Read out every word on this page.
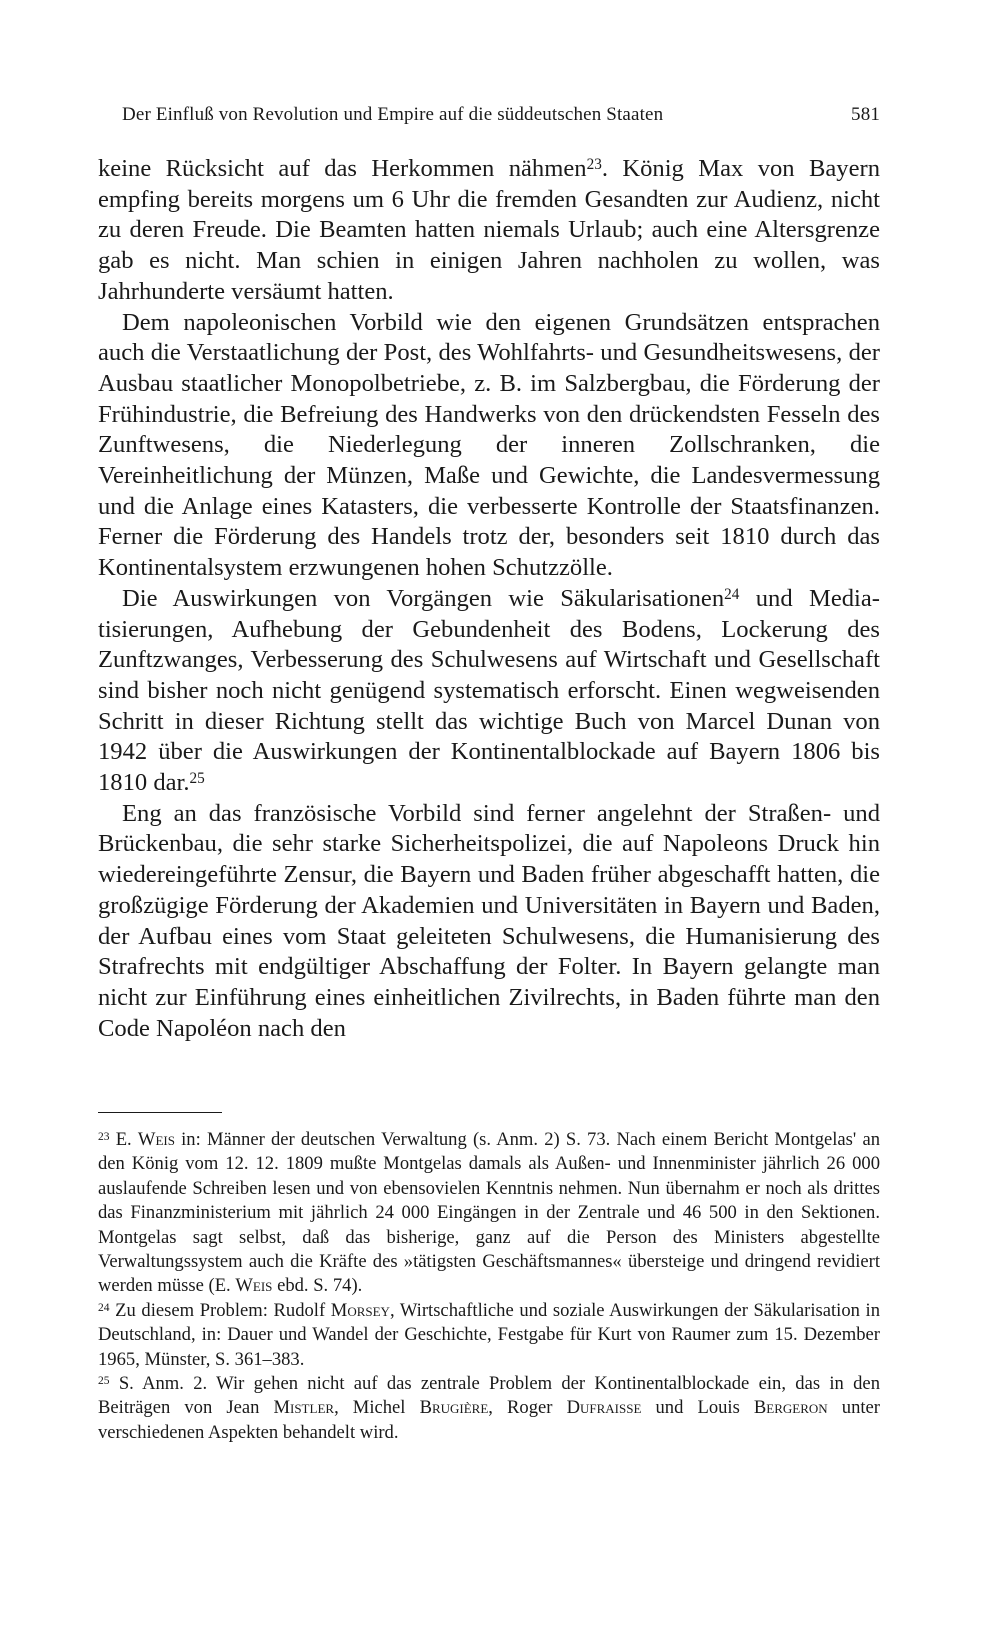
Der Einfluß von Revolution und Empire auf die süddeutschen Staaten	581

keine Rücksicht auf das Herkommen nähmen$^{23}$. König Max von Bayern empfing bereits morgens um 6 Uhr die fremden Gesandten zur Audienz, nicht zu deren Freude. Die Beamten hatten niemals Urlaub; auch eine Altersgrenze gab es nicht. Man schien in einigen Jahren nachholen zu wollen, was Jahrhunderte versäumt hatten.

Dem napoleonischen Vorbild wie den eigenen Grundsätzen entsprachen auch die Verstaatlichung der Post, des Wohlfahrts- und Gesundheitswesens, der Ausbau staatlicher Monopolbetriebe, z. B. im Salzbergbau, die Förderung der Frühindustrie, die Befreiung des Handwerks von den drückendsten Fesseln des Zunftwesens, die Niederlegung der inneren Zollschranken, die Vereinheitlichung der Münzen, Maße und Gewichte, die Landesvermessung und die Anlage eines Katasters, die verbesserte Kontrolle der Staatsfinanzen. Ferner die Förderung des Handels trotz der, besonders seit 1810 durch das Kontinentalsystem erzwungenen hohen Schutzzölle.

Die Auswirkungen von Vorgängen wie Säkularisationen$^{24}$ und Mediatisierungen, Aufhebung der Gebundenheit des Bodens, Lockerung des Zunftzwanges, Verbesserung des Schulwesens auf Wirtschaft und Gesellschaft sind bisher noch nicht genügend systematisch erforscht. Einen wegweisenden Schritt in dieser Richtung stellt das wichtige Buch von Marcel Dunan von 1942 über die Auswirkungen der Kontinentalblockade auf Bayern 1806 bis 1810 dar.$^{25}$

Eng an das französische Vorbild sind ferner angelehnt der Straßen- und Brückenbau, die sehr starke Sicherheitspolizei, die auf Napoleons Druck hin wiedereingeführte Zensur, die Bayern und Baden früher abgeschafft hatten, die großzügige Förderung der Akademien und Universitäten in Bayern und Baden, der Aufbau eines vom Staat geleiteten Schulwesens, die Humanisierung des Strafrechts mit endgültiger Abschaffung der Folter. In Bayern gelangte man nicht zur Einführung eines einheitlichen Zivilrechts, in Baden führte man den Code Napoléon nach den

$^{23}$ E. Weis in: Männer der deutschen Verwaltung (s. Anm. 2) S. 73. Nach einem Bericht Montgelas' an den König vom 12. 12. 1809 mußte Montgelas damals als Außen- und Innenminister jährlich 26 000 auslaufende Schreiben lesen und von ebensovielen Kenntnis nehmen. Nun übernahm er noch als drittes das Finanzministerium mit jährlich 24 000 Eingängen in der Zentrale und 46 500 in den Sektionen. Montgelas sagt selbst, daß das bisherige, ganz auf die Person des Ministers abgestellte Verwaltungssystem auch die Kräfte des »tätigsten Geschäftsmannes« übersteige und dringend revidiert werden müsse (E. Weis ebd. S. 74).

$^{24}$ Zu diesem Problem: Rudolf Morsey, Wirtschaftliche und soziale Auswirkungen der Säkularisation in Deutschland, in: Dauer und Wandel der Geschichte, Festgabe für Kurt von Raumer zum 15. Dezember 1965, Münster, S. 361–383.

$^{25}$ S. Anm. 2. Wir gehen nicht auf das zentrale Problem der Kontinentalblockade ein, das in den Beiträgen von Jean Mistler, Michel Brugière, Roger Dufraisse und Louis Bergeron unter verschiedenen Aspekten behandelt wird.
